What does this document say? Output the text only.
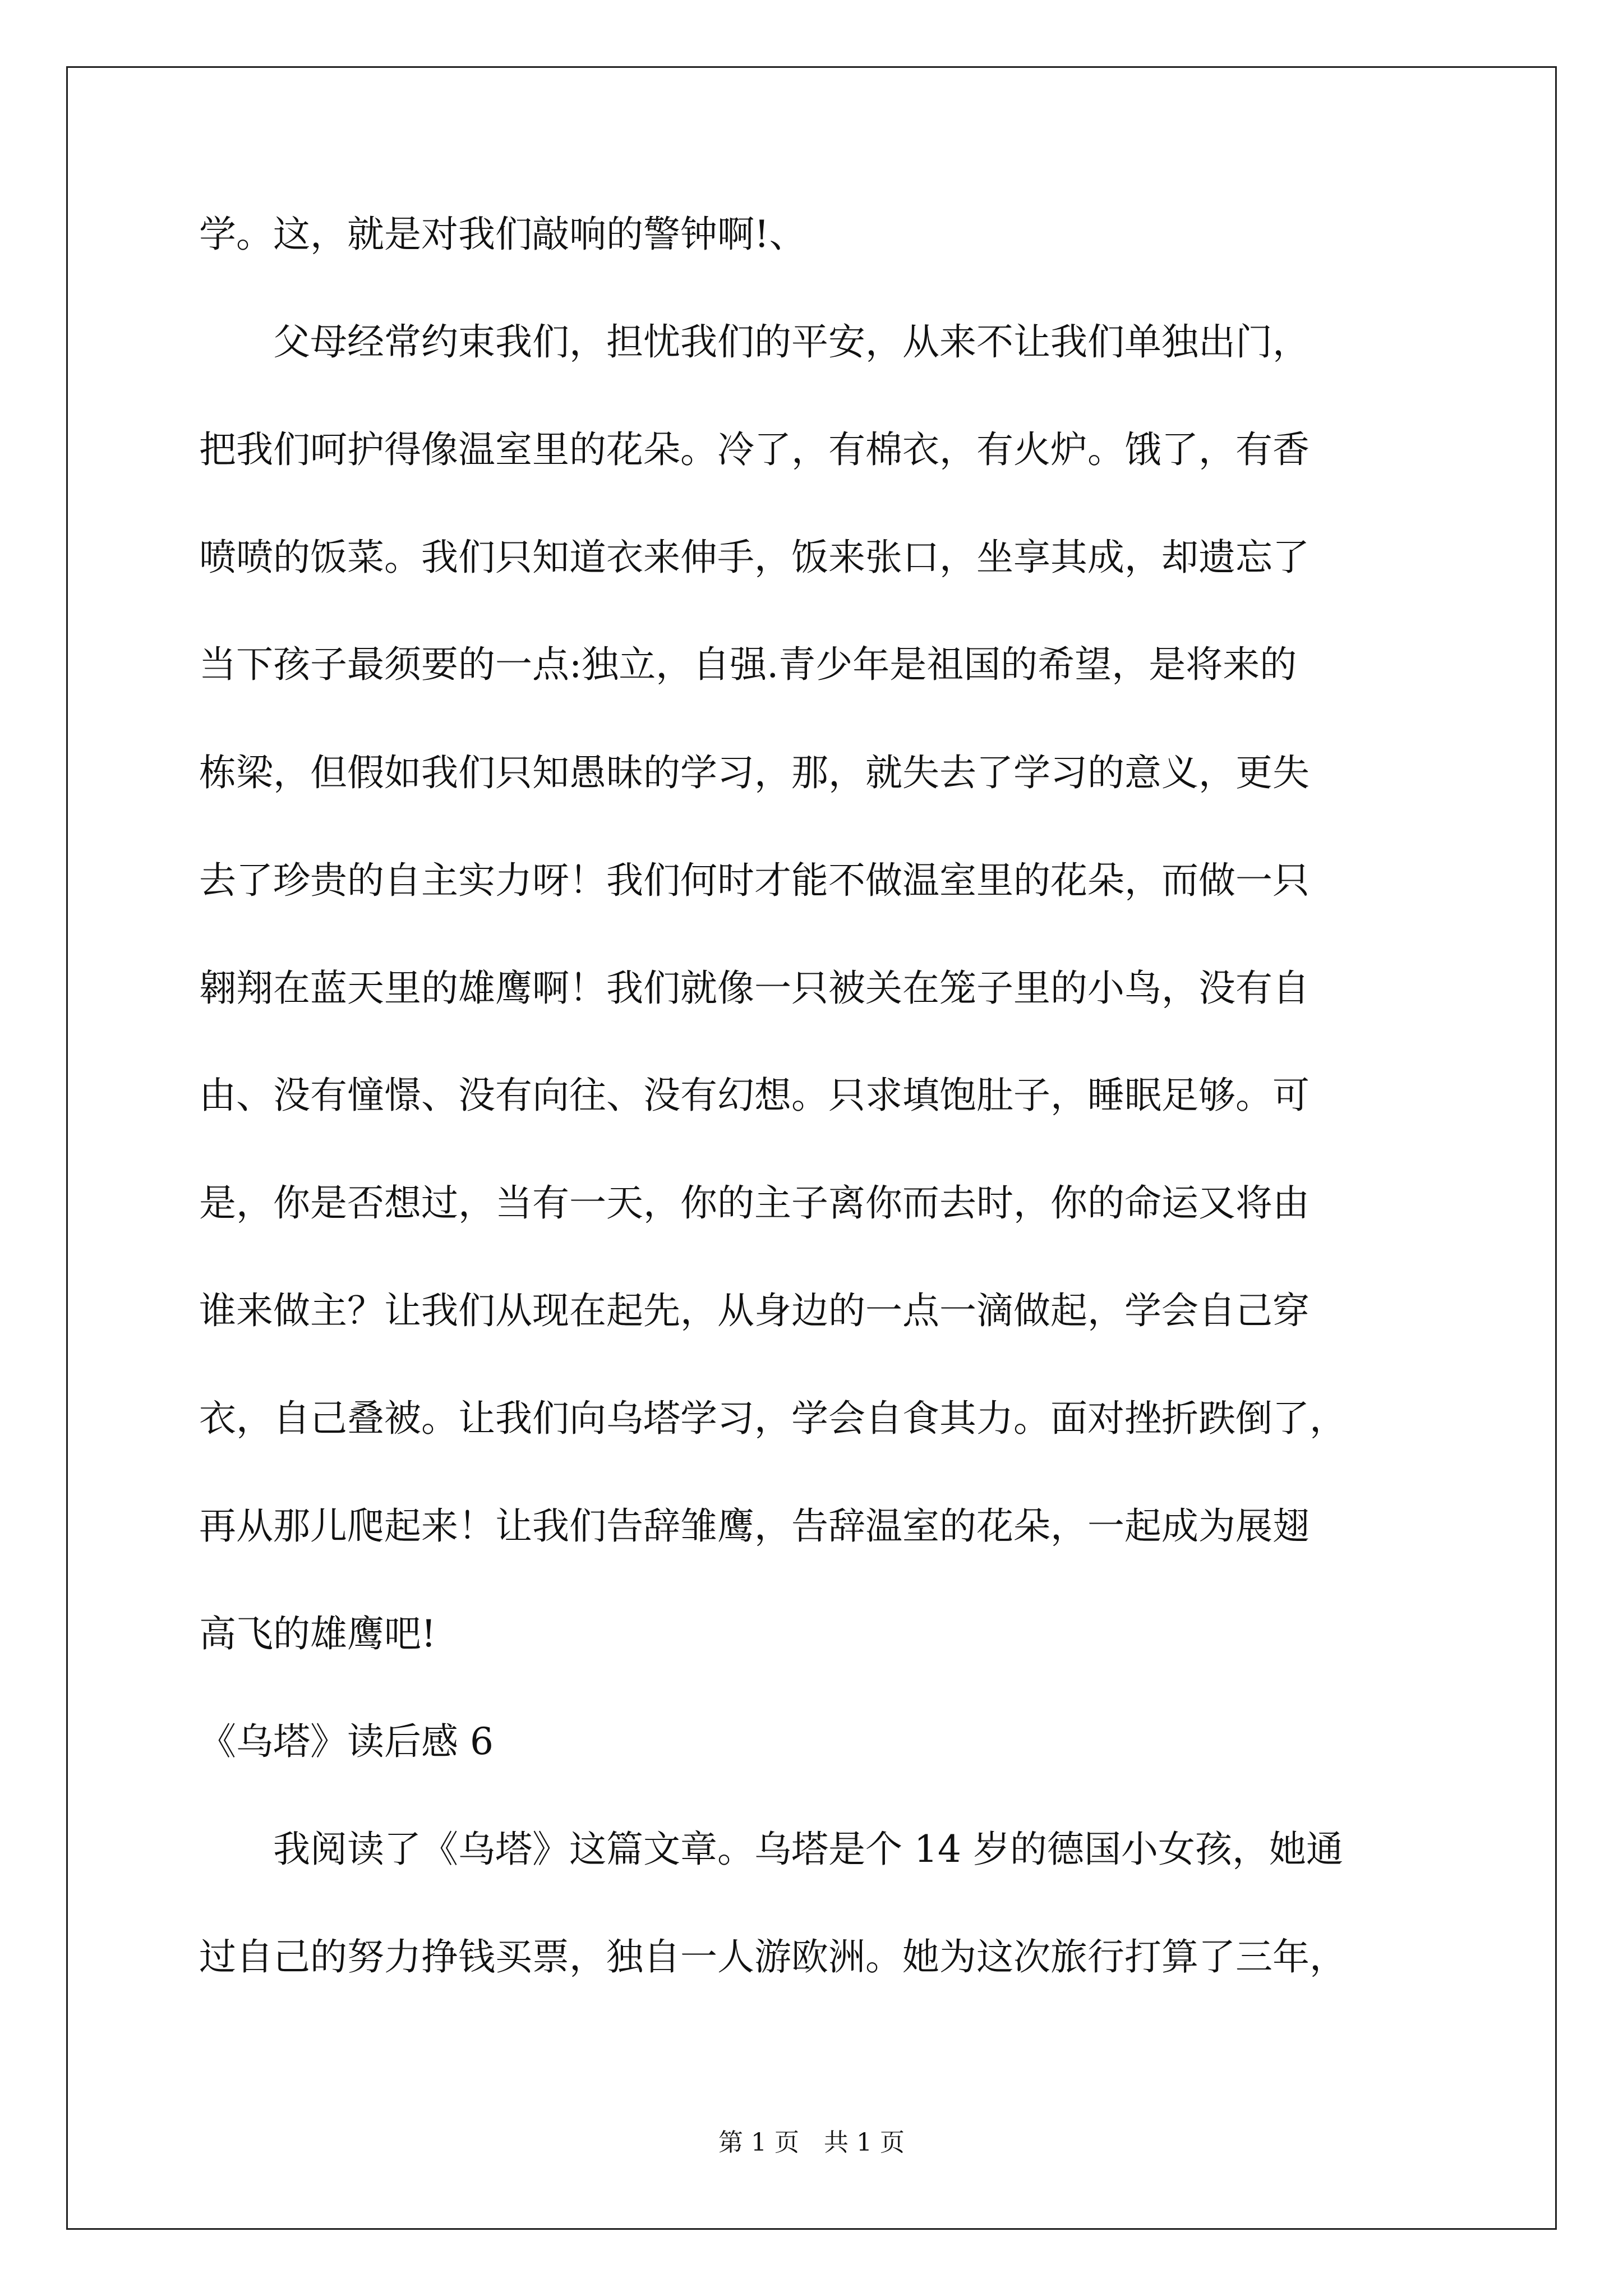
学。这，就是对我们敲响的警钟啊!、
　　父母经常约束我们，担忧我们的平安，从来不让我们单独出门，
把我们呵护得像温室里的花朵。冷了，有棉衣，有火炉。饿了，有香
喷喷的饭菜。我们只知道衣来伸手，饭来张口，坐享其成，却遗忘了
当下孩子最须要的一点:独立，自强.青少年是祖国的希望，是将来的
栋梁，但假如我们只知愚昧的学习，那，就失去了学习的意义，更失
去了珍贵的自主实力呀！我们何时才能不做温室里的花朵，而做一只
翱翔在蓝天里的雄鹰啊！我们就像一只被关在笼子里的小鸟，没有自
由、没有憧憬、没有向往、没有幻想。只求填饱肚子，睡眠足够。可
是，你是否想过，当有一天，你的主子离你而去时，你的命运又将由
谁来做主？让我们从现在起先，从身边的一点一滴做起，学会自己穿
衣，自己叠被。让我们向乌塔学习，学会自食其力。面对挫折跌倒了，
再从那儿爬起来！让我们告辞雏鹰，告辞温室的花朵，一起成为展翅
高飞的雄鹰吧!
《乌塔》读后感 6
　　我阅读了《乌塔》这篇文章。乌塔是个 14 岁的德国小女孩，她通
过自己的努力挣钱买票，独自一人游欧洲。她为这次旅行打算了三年，
第 1 页　共 1 页
